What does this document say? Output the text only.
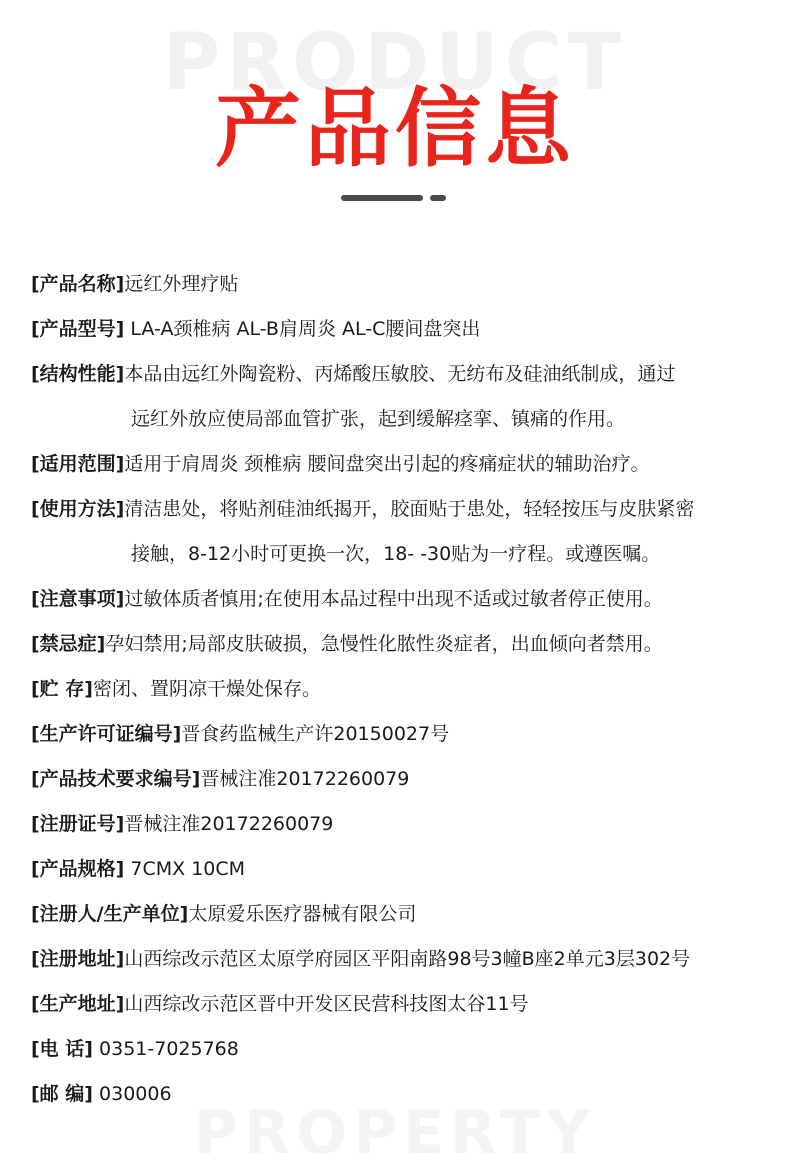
PRODUCT
产品信息
[产品名称]远红外理疗贴
[产品型号] LA-A颈椎病 AL-B肩周炎 AL-C腰间盘突出
[结构性能]本品由远红外陶瓷粉、丙烯酸压敏胶、无纺布及硅油纸制成，通过
远红外放应使局部血管扩张，起到缓解痉挛、镇痛的作用。
[适用范围]适用于肩周炎 颈椎病 腰间盘突出引起的疼痛症状的辅助治疗。
[使用方法]清洁患处，将贴剂硅油纸揭开，胶面贴于患处，轻轻按压与皮肤紧密
接触，8-12小时可更换一次，18- -30贴为一疗程。或遵医嘱。
[注意事项]过敏体质者慎用;在使用本品过程中出现不适或过敏者停正使用。
[禁忌症]孕妇禁用;局部皮肤破损，急慢性化脓性炎症者，出血倾向者禁用。
[贮 存]密闭、置阴凉干燥处保存。
[生产许可证编号]晋食药监械生产许20150027号
[产品技术要求编号]晋械注准20172260079
[注册证号]晋械注准20172260079
[产品规格] 7CMX 10CM
[注册人/生产单位]太原爱乐医疗器械有限公司
[注册地址]山西综改示范区太原学府园区平阳南路98号3幢B座2单元3层302号
[生产地址]山西综改示范区晋中开发区民营科技图太谷11号
[电 话] 0351-7025768
[邮 编] 030006
PROPERTY
